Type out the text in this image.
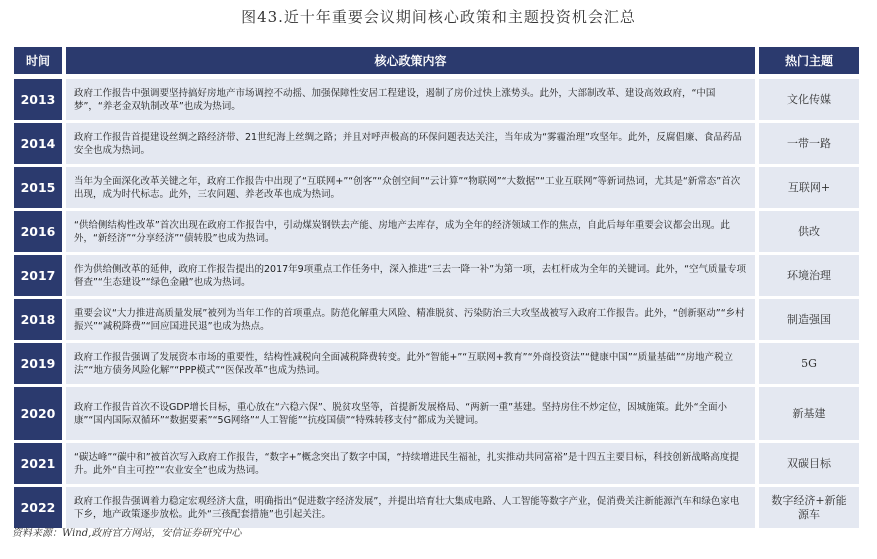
图43.近十年重要会议期间核心政策和主题投资机会汇总
时间	核心政策内容	热门主题
2013	政府工作报告中强调要坚持搞好房地产市场调控不动摇、加强保障性安居工程建设，遏制了房价过快上涨势头。此外，大部制改革、建设高效政府，“中国梦”，“养老金双轨制改革”也成为热词。	文化传媒
2014	政府工作报告首提建设丝绸之路经济带、21世纪海上丝绸之路；并且对呼声极高的环保问题表达关注，当年成为“雾霾治理”攻坚年。此外，反腐倡廉、食品药品安全也成为热词。	一带一路
2015	当年为全面深化改革关键之年，政府工作报告中出现了“互联网+”“创客”“众创空间”“云计算”“物联网”“大数据”“工业互联网”等新词热词，尤其是“新常态”首次出现，成为时代标志。此外，三农问题、养老改革也成为热词。	互联网+
2016	“供给侧结构性改革”首次出现在政府工作报告中，引动煤炭钢铁去产能、房地产去库存，成为全年的经济领域工作的焦点，自此后每年重要会议都会出现。此外，“新经济”“分享经济”“债转股”也成为热词。	供改
2017	作为供给侧改革的延伸，政府工作报告提出的2017年9项重点工作任务中，深入推进“三去一降一补”为第一项，去杠杆成为全年的关键词。此外，“空气质量专项督查”“生态建设”“绿色金融”也成为热词。	环境治理
2018	重要会议“大力推进高质量发展”被列为当年工作的首项重点。防范化解重大风险、精准脱贫、污染防治三大攻坚战被写入政府工作报告。此外，“创新驱动”“乡村振兴”“减税降费”“回应国进民退”也成为热点。	制造强国
2019	政府工作报告强调了发展资本市场的重要性，结构性减税向全面减税降费转变。此外“智能+”“互联网+教育”“外商投资法”“健康中国”“质量基础”“房地产税立法”“地方债务风险化解”“PPP模式”“医保改革”也成为热词。	5G
2020	政府工作报告首次不设GDP增长目标，重心放在“六稳六保”、脱贫攻坚等，首提新发展格局、“两新一重”基建。坚持房住不炒定位，因城施策。此外“全面小康”“国内国际双循环”“数据要素”“5G网络”“人工智能”“抗疫国债”“特殊转移支付”都成为关键词。	新基建
2021	“碳达峰”“碳中和”被首次写入政府工作报告，“数字+”概念突出了数字中国，“持续增进民生福祉，扎实推动共同富裕”是十四五主要目标，科技创新战略高度提升。此外“自主可控”“农业安全”也成为热词。	双碳目标
2022	政府工作报告强调着力稳定宏观经济大盘，明确指出“促进数字经济发展”，并提出培育壮大集成电路、人工智能等数字产业，促消费关注新能源汽车和绿色家电下乡，地产政策逐步放松。此外“三孩配套措施”也引起关注。	数字经济+新能源车
资料来源：Wind,政府官方网站，安信证券研究中心
